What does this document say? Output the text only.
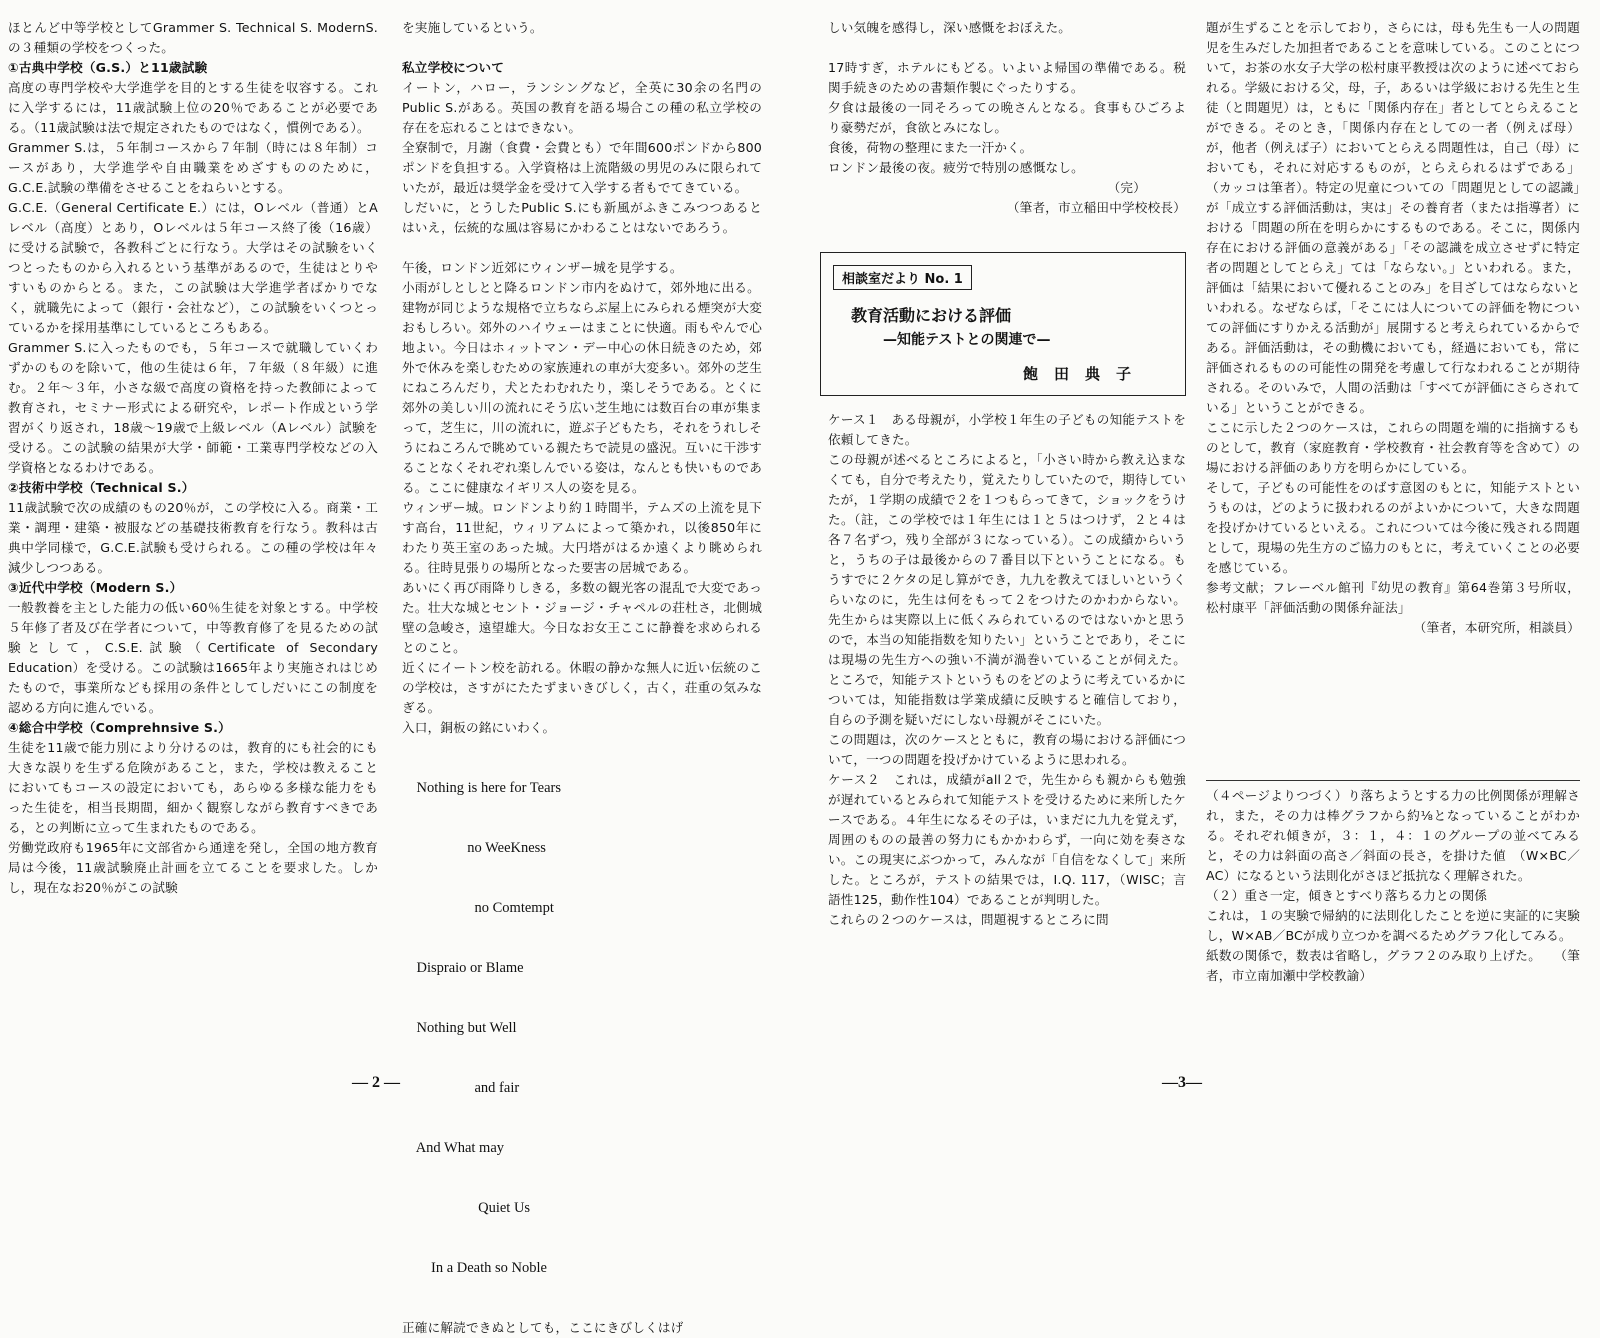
ほとんど中等学校としてGrammer S. Technical S. ModernS.の３種類の学校をつくった。

①古典中学校（G.S.）と11歳試験

高度の専門学校や大学進学を目的とする生徒を収容する。これに入学するには，11歳試験上位の20％であることが必要である。（11歳試験は法で規定されたものではなく，慣例である）。

Grammer S.は，５年制コースから７年制（時には８年制）コースがあり，大学進学や自由職業をめざすもののために，G.C.E.試験の準備をさせることをねらいとする。

G.C.E.（General Certificate E.）には，Oレベル（普通）とAレベル（高度）とあり，Oレベルは５年コース終了後（16歳）に受ける試験で，各教科ごとに行なう。大学はその試験をいくつとったものから入れるという基準があるので，生徒はとりやすいものからとる。また，この試験は大学進学者ばかりでなく，就職先によって（銀行・会社など），この試験をいくつとっているかを採用基準にしているところもある。

Grammer S.に入ったものでも，５年コースで就職していくわずかのものを除いて，他の生徒は６年，７年級（８年級）に進む。２年〜３年，小さな級で高度の資格を持った教師によって教育され，セミナー形式による研究や，レポート作成という学習がくり返され，18歳〜19歳で上級レベル（Aレベル）試験を受ける。この試験の結果が大学・師範・工業専門学校などの入学資格となるわけである。

②技術中学校（Technical S.）

11歳試験で次の成績のもの20％が，この学校に入る。商業・工業・調理・建築・被服などの基礎技術教育を行なう。教科は古典中学同様で，G.C.E.試験も受けられる。この種の学校は年々減少しつつある。

③近代中学校（Modern S.）

一般教養を主とした能力の低い60％生徒を対象とする。中学校５年修了者及び在学者について，中等教育修了を見るための試験として，C.S.E.試験（Certificate of Secondary Education）を受ける。この試験は1665年より実施されはじめたもので，事業所なども採用の条件としてしだいにこの制度を認める方向に進んでいる。

④総合中学校（Comprehnsive S.）

生徒を11歳で能力別により分けるのは，教育的にも社会的にも大きな誤りを生ずる危険があること，また，学校は教えることにおいてもコースの設定においても，あらゆる多様な能力をもった生徒を，相当長期間，細かく観察しながら教育すべきである，との判断に立って生まれたものである。

労働党政府も1965年に文部省から通達を発し，全国の地方教育局は今後，11歳試験廃止計画を立てることを要求した。しかし，現在なお20％がこの試験

を実施しているという。

私立学校について

イートン，ハロー，ランシングなど，全英に30余の名門のPublic S.がある。英国の教育を語る場合この種の私立学校の存在を忘れることはできない。

全寮制で，月謝（食費・会費とも）で年間600ポンドから800ポンドを負担する。入学資格は上流階級の男児のみに限られていたが，最近は奨学金を受けて入学する者もでてきている。

しだいに，とうしたPublic S.にも新風がふきこみつつあるとはいえ，伝統的な風は容易にかわることはないであろう。

午後，ロンドン近郊にウィンザー城を見学する。

小雨がしとしとと降るロンドン市内をぬけて，郊外地に出る。

建物が同じような規格で立ちならぶ屋上にみられる煙突が大変おもしろい。郊外のハイウェーはまことに快適。雨もやんで心地よい。今日はホィットマン・デー中心の休日続きのため，郊外で休みを楽しむための家族連れの車が大変多い。郊外の芝生にねころんだり，犬とたわむれたり，楽しそうである。とくに郊外の美しい川の流れにそう広い芝生地には数百台の車が集まって，芝生に，川の流れに，遊ぶ子どもたち，それをうれしそうにねころんで眺めている親たちで読見の盛況。互いに干渉することなくそれぞれ楽しんでいる姿は，なんとも快いものである。ここに健康なイギリス人の姿を見る。

ウィンザー城。ロンドンより約１時間半，テムズの上流を見下す高台，11世紀，ウィリアムによって築かれ，以後850年にわたり英王室のあった城。大円塔がはるか遠くより眺められる。往時見張りの場所となった要害の居城である。

あいにく再び雨降りしきる，多数の観光客の混乱で大変であった。壮大な城とセント・ジョージ・チャペルの荘杜さ，北側城壁の急峻さ，遠望雄大。今日なお女王ここに静養を求められるとのこと。

近くにイートン校を訪れる。休暇の静かな無人に近い伝統のこの学校は，さすがにたたずまいきびしく，古く，荘重の気みなぎる。

入口，銅板の銘にいわく。

Nothing is here for Tears

no WeeKness

no Comtempt

Dispraio or Blame

Nothing but Well

and fair

And What may

Quiet Us

In a Death so Noble

正確に解読できぬとしても，ここにきびしくはげ

— 2 —

しい気魄を感得し，深い感慨をおぼえた。

17時すぎ，ホテルにもどる。いよいよ帰国の準備である。税関手続きのための書類作製にぐったりする。

夕食は最後の一同そろっての晩さんとなる。食事もひごろより豪勢だが，食欲とみになし。

食後，荷物の整理にまた一汗かく。

ロンドン最後の夜。疲労で特別の感慨なし。

（完）

（筆者，市立稲田中学校校長）

相談室だより No. 1
教育活動における評価
—知能テストとの関連で—
飽田典子

ケース１　ある母親が，小学校１年生の子どもの知能テストを依頼してきた。

この母親が述べるところによると，「小さい時から教え込まなくても，自分で考えたり，覚えたりしていたので，期待していたが，１学期の成績で２を１つもらってきて，ショックをうけた。（註，この学校では１年生には１と５はつけず，２と４は各７名ずつ，残り全部が３になっている）。この成績からいうと，うちの子は最後からの７番目以下ということになる。もうすでに２ケタの足し算ができ，九九を教えてほしいというくらいなのに，先生は何をもって２をつけたのかわからない。先生からは実際以上に低くみられているのではないかと思うので，本当の知能指数を知りたい」ということであり，そこには現場の先生方への強い不満が渦巻いていることが伺えた。ところで，知能テストというものをどのように考えているかについては，知能指数は学業成績に反映すると確信しており，自らの予測を疑いだにしない母親がそこにいた。

この問題は，次のケースとともに，教育の場における評価について，一つの問題を投げかけているように思われる。

ケース２　これは，成績がall２で，先生からも親からも勉強が遅れているとみられて知能テストを受けるために来所したケースである。４年生になるその子は，いまだに九九を覚えず，周囲のものの最善の努力にもかかわらず，一向に効を奏さない。この現実にぶつかって，みんなが「自信をなくして」来所した。ところが，テストの結果では，I.Q. 117，（WISC；言語性125，動作性104）であることが判明した。

これらの２つのケースは，問題視するところに問

題が生ずることを示しており，さらには，母も先生も一人の問題児を生みだした加担者であることを意味している。このことについて，お茶の水女子大学の松村康平教授は次のように述べておられる。学級における父，母，子，あるいは学級における先生と生徒（と問題児）は，ともに「関係内存在」者としてとらえることができる。そのとき，「関係内存在としての一者（例えば母）が，他者（例えば子）においてとらえる問題性は，自己（母）においても，それに対応するものが，とらえられるはずである」（カッコは筆者）。特定の児童についての「問題児としての認識」が「成立する評価活動は，実は」その養育者（または指導者）における「問題の所在を明らかにするものである。そこに，関係内存在における評価の意義がある」「その認識を成立させずに特定者の問題としてとらえ」ては「ならない。」といわれる。また，評価は「結果において優れることのみ」を目ざしてはならないといわれる。なぜならば，「そこには人についての評価を物についての評価にすりかえる活動が」展開すると考えられているからである。評価活動は，その動機においても，経過においても，常に評価されるものの可能性の開発を考慮して行なわれることが期待される。そのいみで，人間の活動は「すべてが評価にさらされている」ということができる。

ここに示した２つのケースは，これらの問題を端的に指摘するものとして，教育（家庭教育・学校教育・社会教育等を含めて）の場における評価のあり方を明らかにしている。

そして，子どもの可能性をのばす意図のもとに，知能テストというものは，どのように扱われるのがよいかについて，大きな問題を投げかけているといえる。これについては今後に残される問題として，現場の先生方のご協力のもとに，考えていくことの必要を感じている。

参考文献；フレーベル館刊『幼児の教育』第64巻第３号所収，松村康平「評価活動の関係弁証法」

（筆者，本研究所，相談員）

（４ページよりつづく）り落ちようとする力の比例関係が理解され，また，その力は棒グラフから約⅛となっていることがわかる。それぞれ傾きが，３：１，４：１のグループの並べてみると，その力は斜面の高さ／斜面の長さ，を掛けた値　（W×BC／AC）になるという法則化がさほど抵抗なく理解された。

（２）重さ一定，傾きとすべり落ちる力との関係

これは，１の実験で帰納的に法則化したことを逆に実証的に実験し，W×AB／BCが成り立つかを調べるためグラフ化してみる。

紙数の関係で，数表は省略し，グラフ２のみ取り上げた。　　（筆者，市立南加瀬中学校教諭）

—3—
